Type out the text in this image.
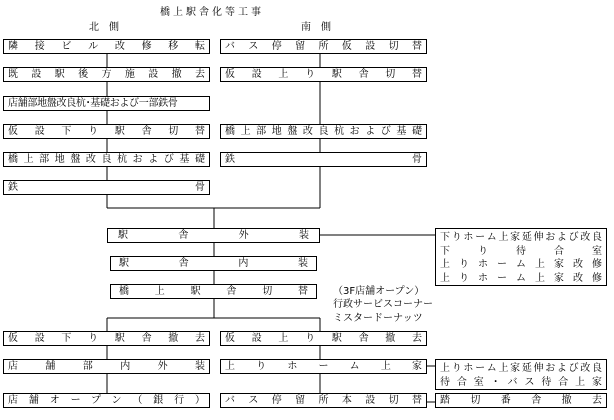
橋上駅舎化等工事
北　側	南　側
隣接ビル改修移転
既設駅後方施設撤去
店舗部地盤改良杭･基礎および一部鉄骨
仮設下り駅舎切替
橋上部地盤改良杭および基礎
鉄	骨
バス停留所仮設切替
仮設上り駅舎切替
橋上部地盤改良杭および基礎
鉄	骨
駅舎外装
駅舎内装
橋上駅舎切替
下りホーム上家延伸および改良
下り待合室
上りホーム上家改修
上りホーム上家改修
（3F店舗オープン）
行政サービスコーナー
ミスタードーナッツ
仮設下り駅舎撤去 仮設上り駅舎撤去
店舗部内外装 上りホーム上家 上りホーム上家延伸および改良
待合室・バス待合上家
店舗オープン（銀行） バス停留所本設切替 踏切番舎撤去
